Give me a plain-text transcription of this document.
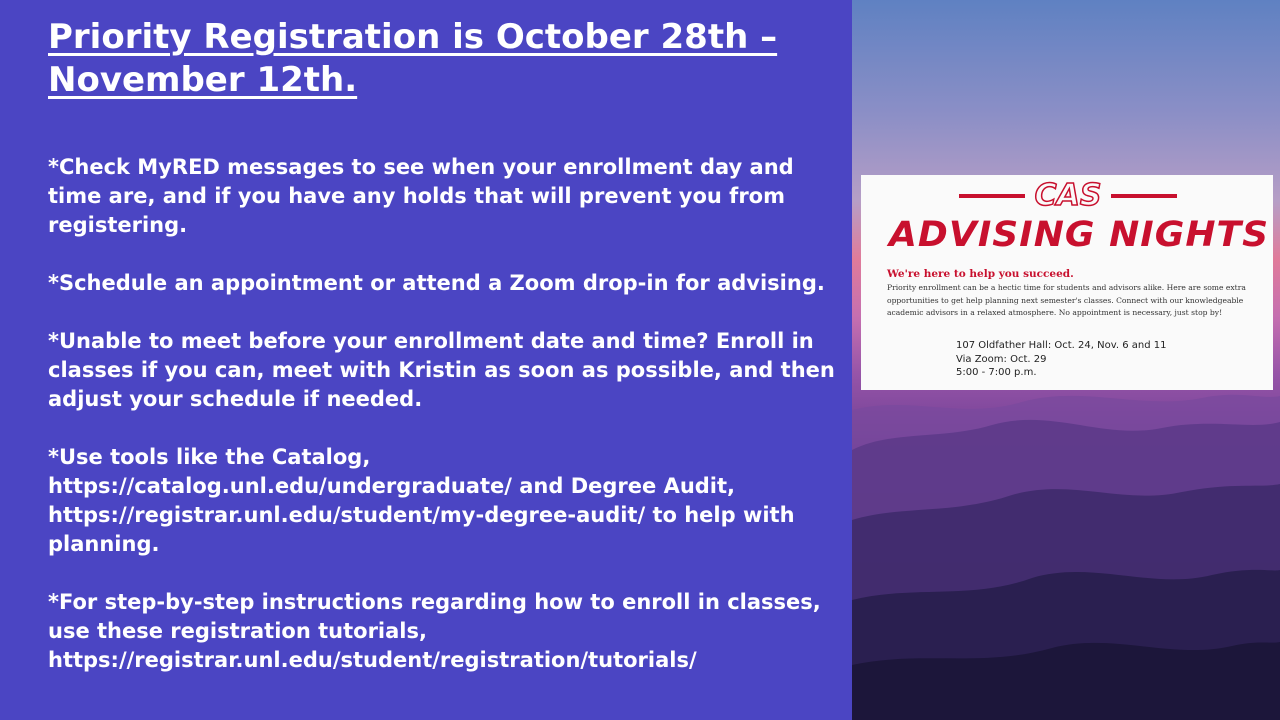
Priority Registration is October 28th – November 12th.

*Check MyRED messages to see when your enrollment day and time are, and if you have any holds that will prevent you from registering.

*Schedule an appointment or attend a Zoom drop-in for advising.

*Unable to meet before your enrollment date and time? Enroll in classes if you can, meet with Kristin as soon as possible, and then adjust your schedule if needed.

*Use tools like the Catalog,
https://catalog.unl.edu/undergraduate/ and Degree Audit, https://registrar.unl.edu/student/my-degree-audit/ to help with planning.

*For step-by-step instructions regarding how to enroll in classes, use these registration tutorials,
https://registrar.unl.edu/student/registration/tutorials/

CAS
ADVISING NIGHTS
We're here to help you succeed.
Priority enrollment can be a hectic time for students and advisors alike. Here are some extra opportunities to get help planning next semester's classes. Connect with our knowledgeable academic advisors in a relaxed atmosphere. No appointment is necessary, just stop by!
107 Oldfather Hall: Oct. 24, Nov. 6 and 11
Via Zoom: Oct. 29
5:00 - 7:00 p.m.
